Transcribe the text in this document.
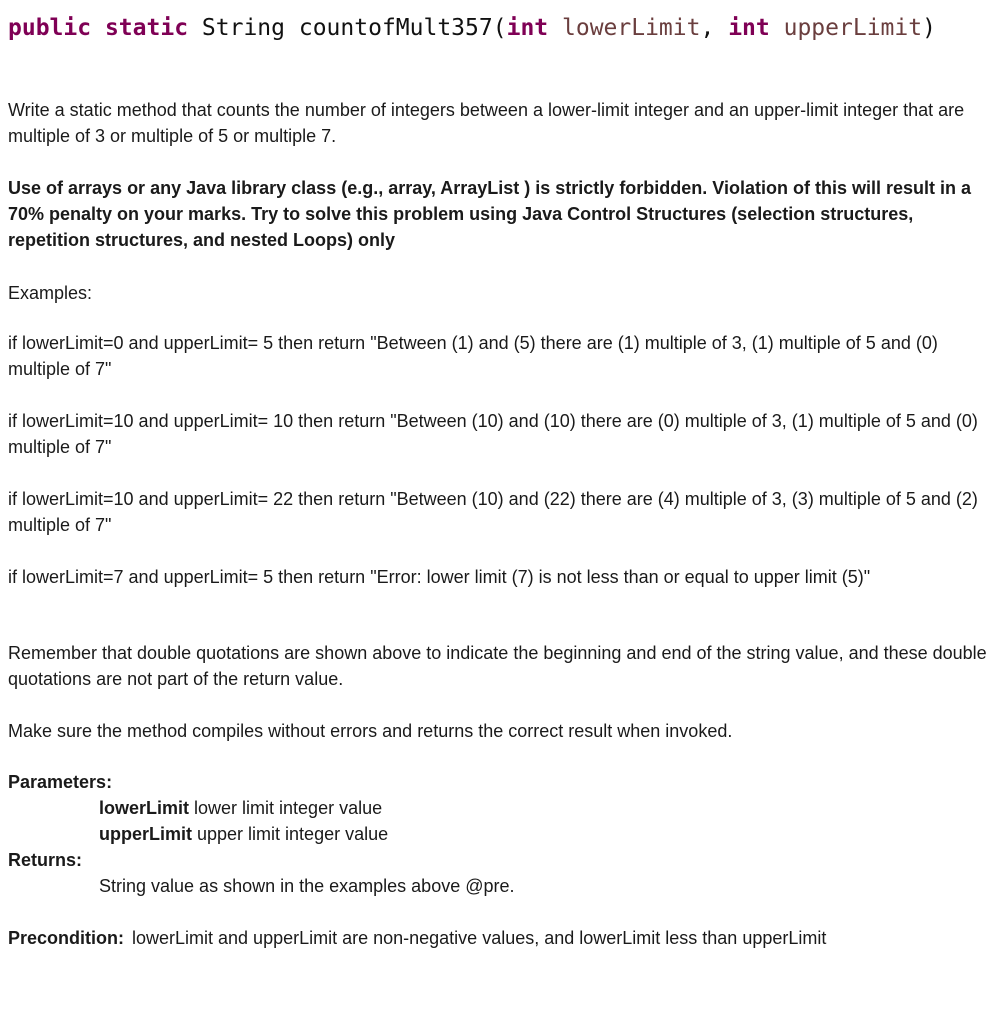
public static String countofMult357(int lowerLimit, int upperLimit)

Write a static method that counts the number of integers between a lower-limit integer and an upper-limit integer that are multiple of 3 or multiple of 5 or multiple 7.

Use of arrays or any Java library class (e.g., array, ArrayList ) is strictly forbidden. Violation of this will result in a 70% penalty on your marks. Try to solve this problem using Java Control Structures (selection structures, repetition structures, and nested Loops) only

Examples:

if lowerLimit=0 and upperLimit= 5 then return "Between (1) and (5) there are (1) multiple of 3, (1) multiple of 5 and (0) multiple of 7"

if lowerLimit=10 and upperLimit= 10 then return "Between (10) and (10) there are (0) multiple of 3, (1) multiple of 5 and (0) multiple of 7"

if lowerLimit=10 and upperLimit= 22 then return "Between (10) and (22) there are (4) multiple of 3, (3) multiple of 5 and (2) multiple of 7"

if lowerLimit=7 and upperLimit= 5 then return "Error: lower limit (7) is not less than or equal to upper limit (5)"

Remember that double quotations are shown above to indicate the beginning and end of the string value, and these double quotations are not part of the return value.

Make sure the method compiles without errors and returns the correct result when invoked.

Parameters:

lowerLimit lower limit integer value

upperLimit upper limit integer value

Returns:

String value as shown in the examples above @pre.

Precondition: lowerLimit and upperLimit are non-negative values, and lowerLimit less than upperLimit
